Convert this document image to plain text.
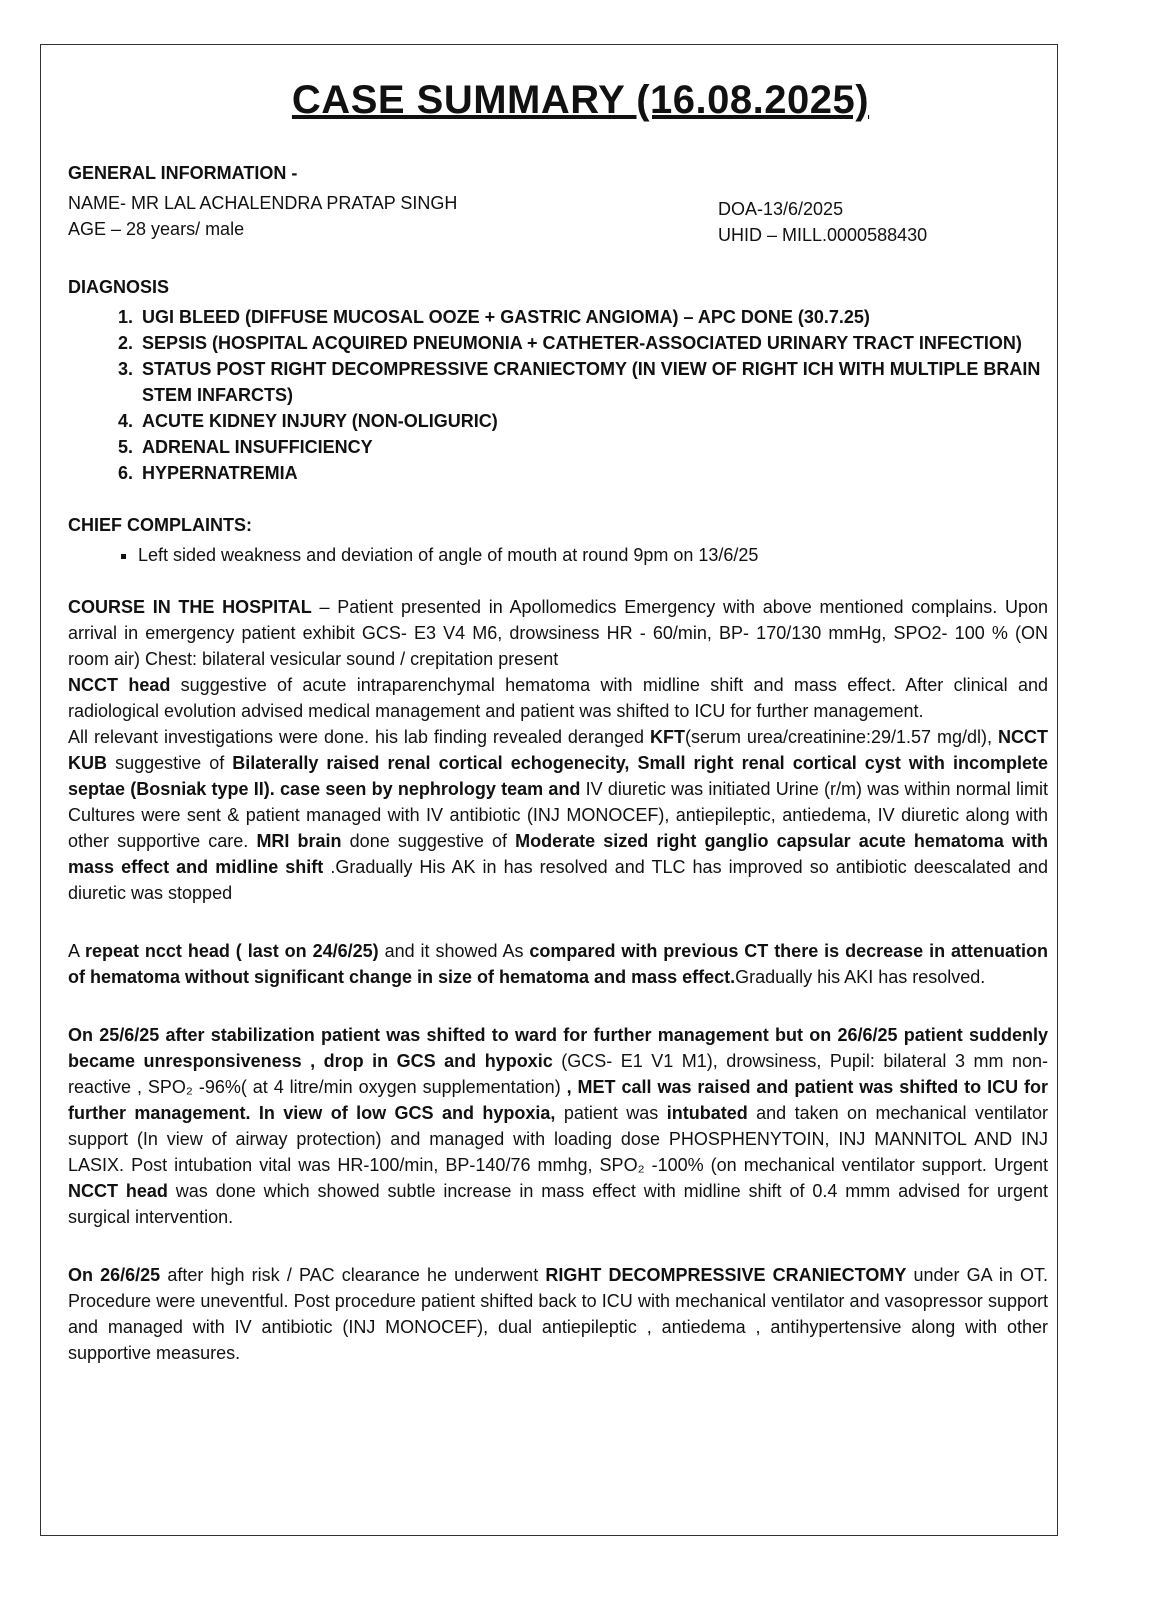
CASE SUMMARY (16.08.2025)

GENERAL INFORMATION -

NAME- MR LAL ACHALENDRA PRATAP SINGH
AGE – 28 years/ male
DOA-13/6/2025
UHID – MILL.0000588430

DIAGNOSIS

1. UGI BLEED (DIFFUSE MUCOSAL OOZE + GASTRIC ANGIOMA) – APC DONE (30.7.25)
2. SEPSIS (HOSPITAL ACQUIRED PNEUMONIA + CATHETER-ASSOCIATED URINARY TRACT INFECTION)
3. STATUS POST RIGHT DECOMPRESSIVE CRANIECTOMY (IN VIEW OF RIGHT ICH WITH MULTIPLE BRAIN STEM INFARCTS)
4. ACUTE KIDNEY INJURY (NON-OLIGURIC)
5. ADRENAL INSUFFICIENCY
6. HYPERNATREMIA

CHIEF COMPLAINTS:

▪ Left sided weakness and deviation of angle of mouth at round 9pm on 13/6/25

COURSE IN THE HOSPITAL – Patient presented in Apollomedics Emergency with above mentioned complains. Upon arrival in emergency patient exhibit GCS- E3 V4 M6, drowsiness HR - 60/min, BP- 170/130 mmHg, SPO2- 100 % (ON room air) Chest: bilateral vesicular sound / crepitation present

NCCT head suggestive of acute intraparenchymal hematoma with midline shift and mass effect. After clinical and radiological evolution advised medical management and patient was shifted to ICU for further management.

All relevant investigations were done. his lab finding revealed deranged KFT(serum urea/creatinine:29/1.57 mg/dl), NCCT KUB suggestive of Bilaterally raised renal cortical echogenecity, Small right renal cortical cyst with incomplete septae (Bosniak type II). case seen by nephrology team and IV diuretic was initiated Urine (r/m) was within normal limit Cultures were sent & patient managed with IV antibiotic (INJ MONOCEF), antiepileptic, antiedema, IV diuretic along with other supportive care. MRI brain done suggestive of Moderate sized right ganglio capsular acute hematoma with mass effect and midline shift .Gradually His AK in has resolved and TLC has improved so antibiotic deescalated and diuretic was stopped

A repeat ncct head ( last on 24/6/25) and it showed As compared with previous CT there is decrease in attenuation of hematoma without significant change in size of hematoma and mass effect.Gradually his AKI has resolved.

On 25/6/25 after stabilization patient was shifted to ward for further management but on 26/6/25 patient suddenly became unresponsiveness , drop in GCS and hypoxic (GCS- E1 V1 M1), drowsiness, Pupil: bilateral 3 mm non-reactive , SPO₂ -96%( at 4 litre/min oxygen supplementation) , MET call was raised and patient was shifted to ICU for further management. In view of low GCS and hypoxia, patient was intubated and taken on mechanical ventilator support (In view of airway protection) and managed with loading dose PHOSPHENYTOIN, INJ MANNITOL AND INJ LASIX. Post intubation vital was HR-100/min, BP-140/76 mmhg, SPO₂ -100% (on mechanical ventilator support. Urgent NCCT head was done which showed subtle increase in mass effect with midline shift of 0.4 mmm advised for urgent surgical intervention.

On 26/6/25 after high risk / PAC clearance he underwent RIGHT DECOMPRESSIVE CRANIECTOMY under GA in OT. Procedure were uneventful. Post procedure patient shifted back to ICU with mechanical ventilator and vasopressor support and managed with IV antibiotic (INJ MONOCEF), dual antiepileptic , antiedema , antihypertensive along with other supportive measures.
